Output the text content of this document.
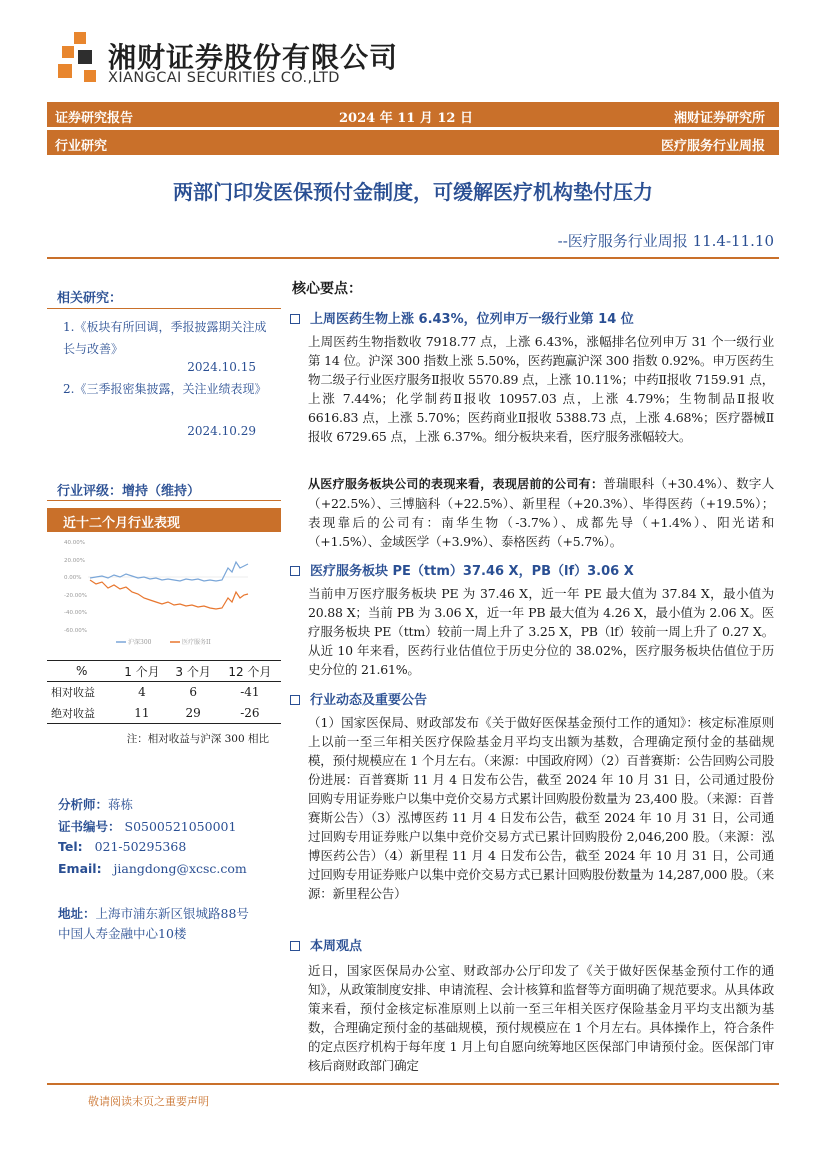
湘财证券股份有限公司
XIANGCAI SECURITIES CO.,LTD
证券研究报告	2024 年 11 月 12 日	湘财证券研究所
行业研究	医疗服务行业周报
两部门印发医保预付金制度，可缓解医疗机构垫付压力
--医疗服务行业周报 11.4-11.10
相关研究：
1.《板块有所回调，季报披露期关注成长与改善》
2024.10.15
2.《三季报密集披露，关注业绩表现》
2024.10.29
行业评级：增持（维持）
近十二个月行业表现
40.00%
20.00%
0.00%
-20.00%
-40.00%
-60.00%
沪深300	医疗服务II
%	1 个月	3 个月	12 个月
相对收益	4	6	-41
绝对收益	11	29	-26
注：相对收益与沪深 300 相比
分析师：蒋栋
证书编号： S0500521050001
Tel: 021-50295368
Email: jiangdong@xcsc.com
地址：上海市浦东新区银城路88号
中国人寿金融中心10楼
核心要点：
上周医药生物上涨 6.43%，位列申万一级行业第 14 位
上周医药生物指数收 7918.77 点，上涨 6.43%，涨幅排名位列申万 31 个一级行业第 14 位。沪深 300 指数上涨 5.50%，医药跑赢沪深 300 指数 0.92%。申万医药生物二级子行业医疗服务Ⅱ报收 5570.89 点，上涨 10.11%；中药Ⅱ报收 7159.91 点，上涨 7.44%；化学制药Ⅱ报收 10957.03 点，上涨 4.79%；生物制品Ⅱ报收 6616.83 点，上涨 5.70%；医药商业Ⅱ报收 5388.73 点，上涨 4.68%；医疗器械Ⅱ报收 6729.65 点，上涨 6.37%。细分板块来看，医疗服务涨幅较大。
从医疗服务板块公司的表现来看，表现居前的公司有：普瑞眼科（+30.4%）、数字人（+22.5%）、三博脑科（+22.5%）、新里程（+20.3%）、毕得医药（+19.5%）；表现靠后的公司有：南华生物（-3.7%）、成都先导（+1.4%）、阳光诺和（+1.5%）、金域医学（+3.9%）、泰格医药（+5.7%）。
医疗服务板块 PE（ttm）37.46 X，PB（lf）3.06 X
当前申万医疗服务板块 PE 为 37.46 X，近一年 PE 最大值为 37.84 X，最小值为 20.88 X；当前 PB 为 3.06 X，近一年 PB 最大值为 4.26 X，最小值为 2.06 X。医疗服务板块 PE（ttm）较前一周上升了 3.25 X，PB（lf）较前一周上升了 0.27 X。从近 10 年来看，医药行业估值位于历史分位的 38.02%，医疗服务板块估值位于历史分位的 21.61%。
行业动态及重要公告
（1）国家医保局、财政部发布《关于做好医保基金预付工作的通知》：核定标准原则上以前一至三年相关医疗保险基金月平均支出额为基数，合理确定预付金的基础规模，预付规模应在 1 个月左右。（来源：中国政府网）（2）百普赛斯：公告回购公司股份进展：百普赛斯 11 月 4 日发布公告，截至 2024 年 10 月 31 日，公司通过股份回购专用证券账户以集中竞价交易方式累计回购股份数量为 23,400 股。（来源：百普赛斯公告）（3）泓博医药 11 月 4 日发布公告，截至 2024 年 10 月 31 日，公司通过回购专用证券账户以集中竞价交易方式已累计回购股份 2,046,200 股。（来源：泓博医药公告）（4）新里程 11 月 4 日发布公告，截至 2024 年 10 月 31 日，公司通过回购专用证券账户以集中竞价交易方式已累计回购股份数量为 14,287,000 股。（来源：新里程公告）
本周观点
近日，国家医保局办公室、财政部办公厅印发了《关于做好医保基金预付工作的通知》，从政策制度安排、申请流程、会计核算和监督等方面明确了规范要求。从具体政策来看，预付金核定标准原则上以前一至三年相关医疗保险基金月平均支出额为基数，合理确定预付金的基础规模，预付规模应在 1 个月左右。具体操作上，符合条件的定点医疗机构于每年度 1 月上旬自愿向统筹地区医保部门申请预付金。医保部门审核后商财政部门确定
敬请阅读末页之重要声明
